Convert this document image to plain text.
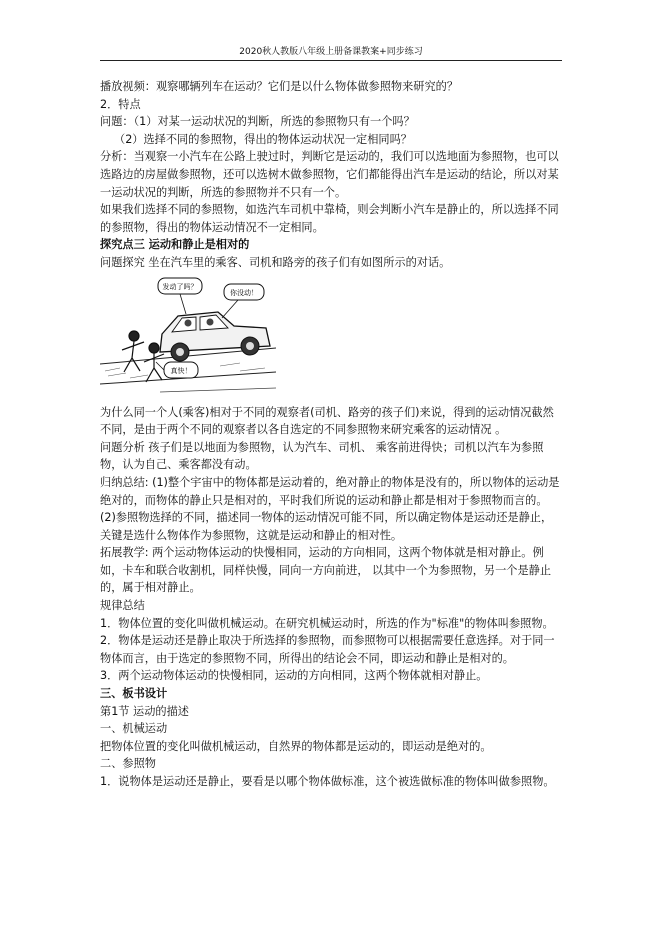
2020秋人教版八年级上册备课教案+同步练习

播放视频：观察哪辆列车在运动？它们是以什么物体做参照物来研究的？

2．特点

问题：（1）对某一运动状况的判断，所选的参照物只有一个吗？

（2）选择不同的参照物，得出的物体运动状况一定相同吗？

分析：当观察一小汽车在公路上驶过时，判断它是运动的，我们可以选地面为参照物，也可以选路边的房屋做参照物，还可以选树木做参照物，它们都能得出汽车是运动的结论，所以对某一运动状况的判断，所选的参照物并不只有一个。

如果我们选择不同的参照物，如选汽车司机中靠椅，则会判断小汽车是静止的，所以选择不同的参照物，得出的物体运动情况不一定相同。

探究点三 运动和静止是相对的

问题探究 坐在汽车里的乘客、司机和路旁的孩子们有如图所示的对话。

发动了吗？
你没动！
真快！

为什么同一个人(乘客)相对于不同的观察者(司机、路旁的孩子们)来说，得到的运动情况截然不同，是由于两个不同的观察者以各自选定的不同参照物来研究乘客的运动情况 。

问题分析 孩子们是以地面为参照物，认为汽车、司机、 乘客前进得快；司机以汽车为参照物，认为自己、乘客都没有动。

归纳总结: (1)整个宇宙中的物体都是运动着的，绝对静止的物体是没有的，所以物体的运动是绝对的，而物体的静止只是相对的，平时我们所说的运动和静止都是相对于参照物而言的。

(2)参照物选择的不同，描述同一物体的运动情况可能不同，所以确定物体是运动还是静止，关键是选什么物体作为参照物，这就是运动和静止的相对性。

拓展教学: 两个运动物体运动的快慢相同，运动的方向相同，这两个物体就是相对静止。例如，卡车和联合收割机，同样快慢，同向一方向前进， 以其中一个为参照物，另一个是静止的，属于相对静止。

规律总结

1．物体位置的变化叫做机械运动。在研究机械运动时，所选的作为"标准"的物体叫参照物。

2．物体是运动还是静止取决于所选择的参照物，而参照物可以根据需要任意选择。对于同一物体而言，由于选定的参照物不同，所得出的结论会不同，即运动和静止是相对的。

3．两个运动物体运动的快慢相同，运动的方向相同，这两个物体就相对静止。

三、板书设计

第1节 运动的描述

一、机械运动

把物体位置的变化叫做机械运动，自然界的物体都是运动的，即运动是绝对的。

二、参照物

1．说物体是运动还是静止，要看是以哪个物体做标准，这个被选做标准的物体叫做参照物。
